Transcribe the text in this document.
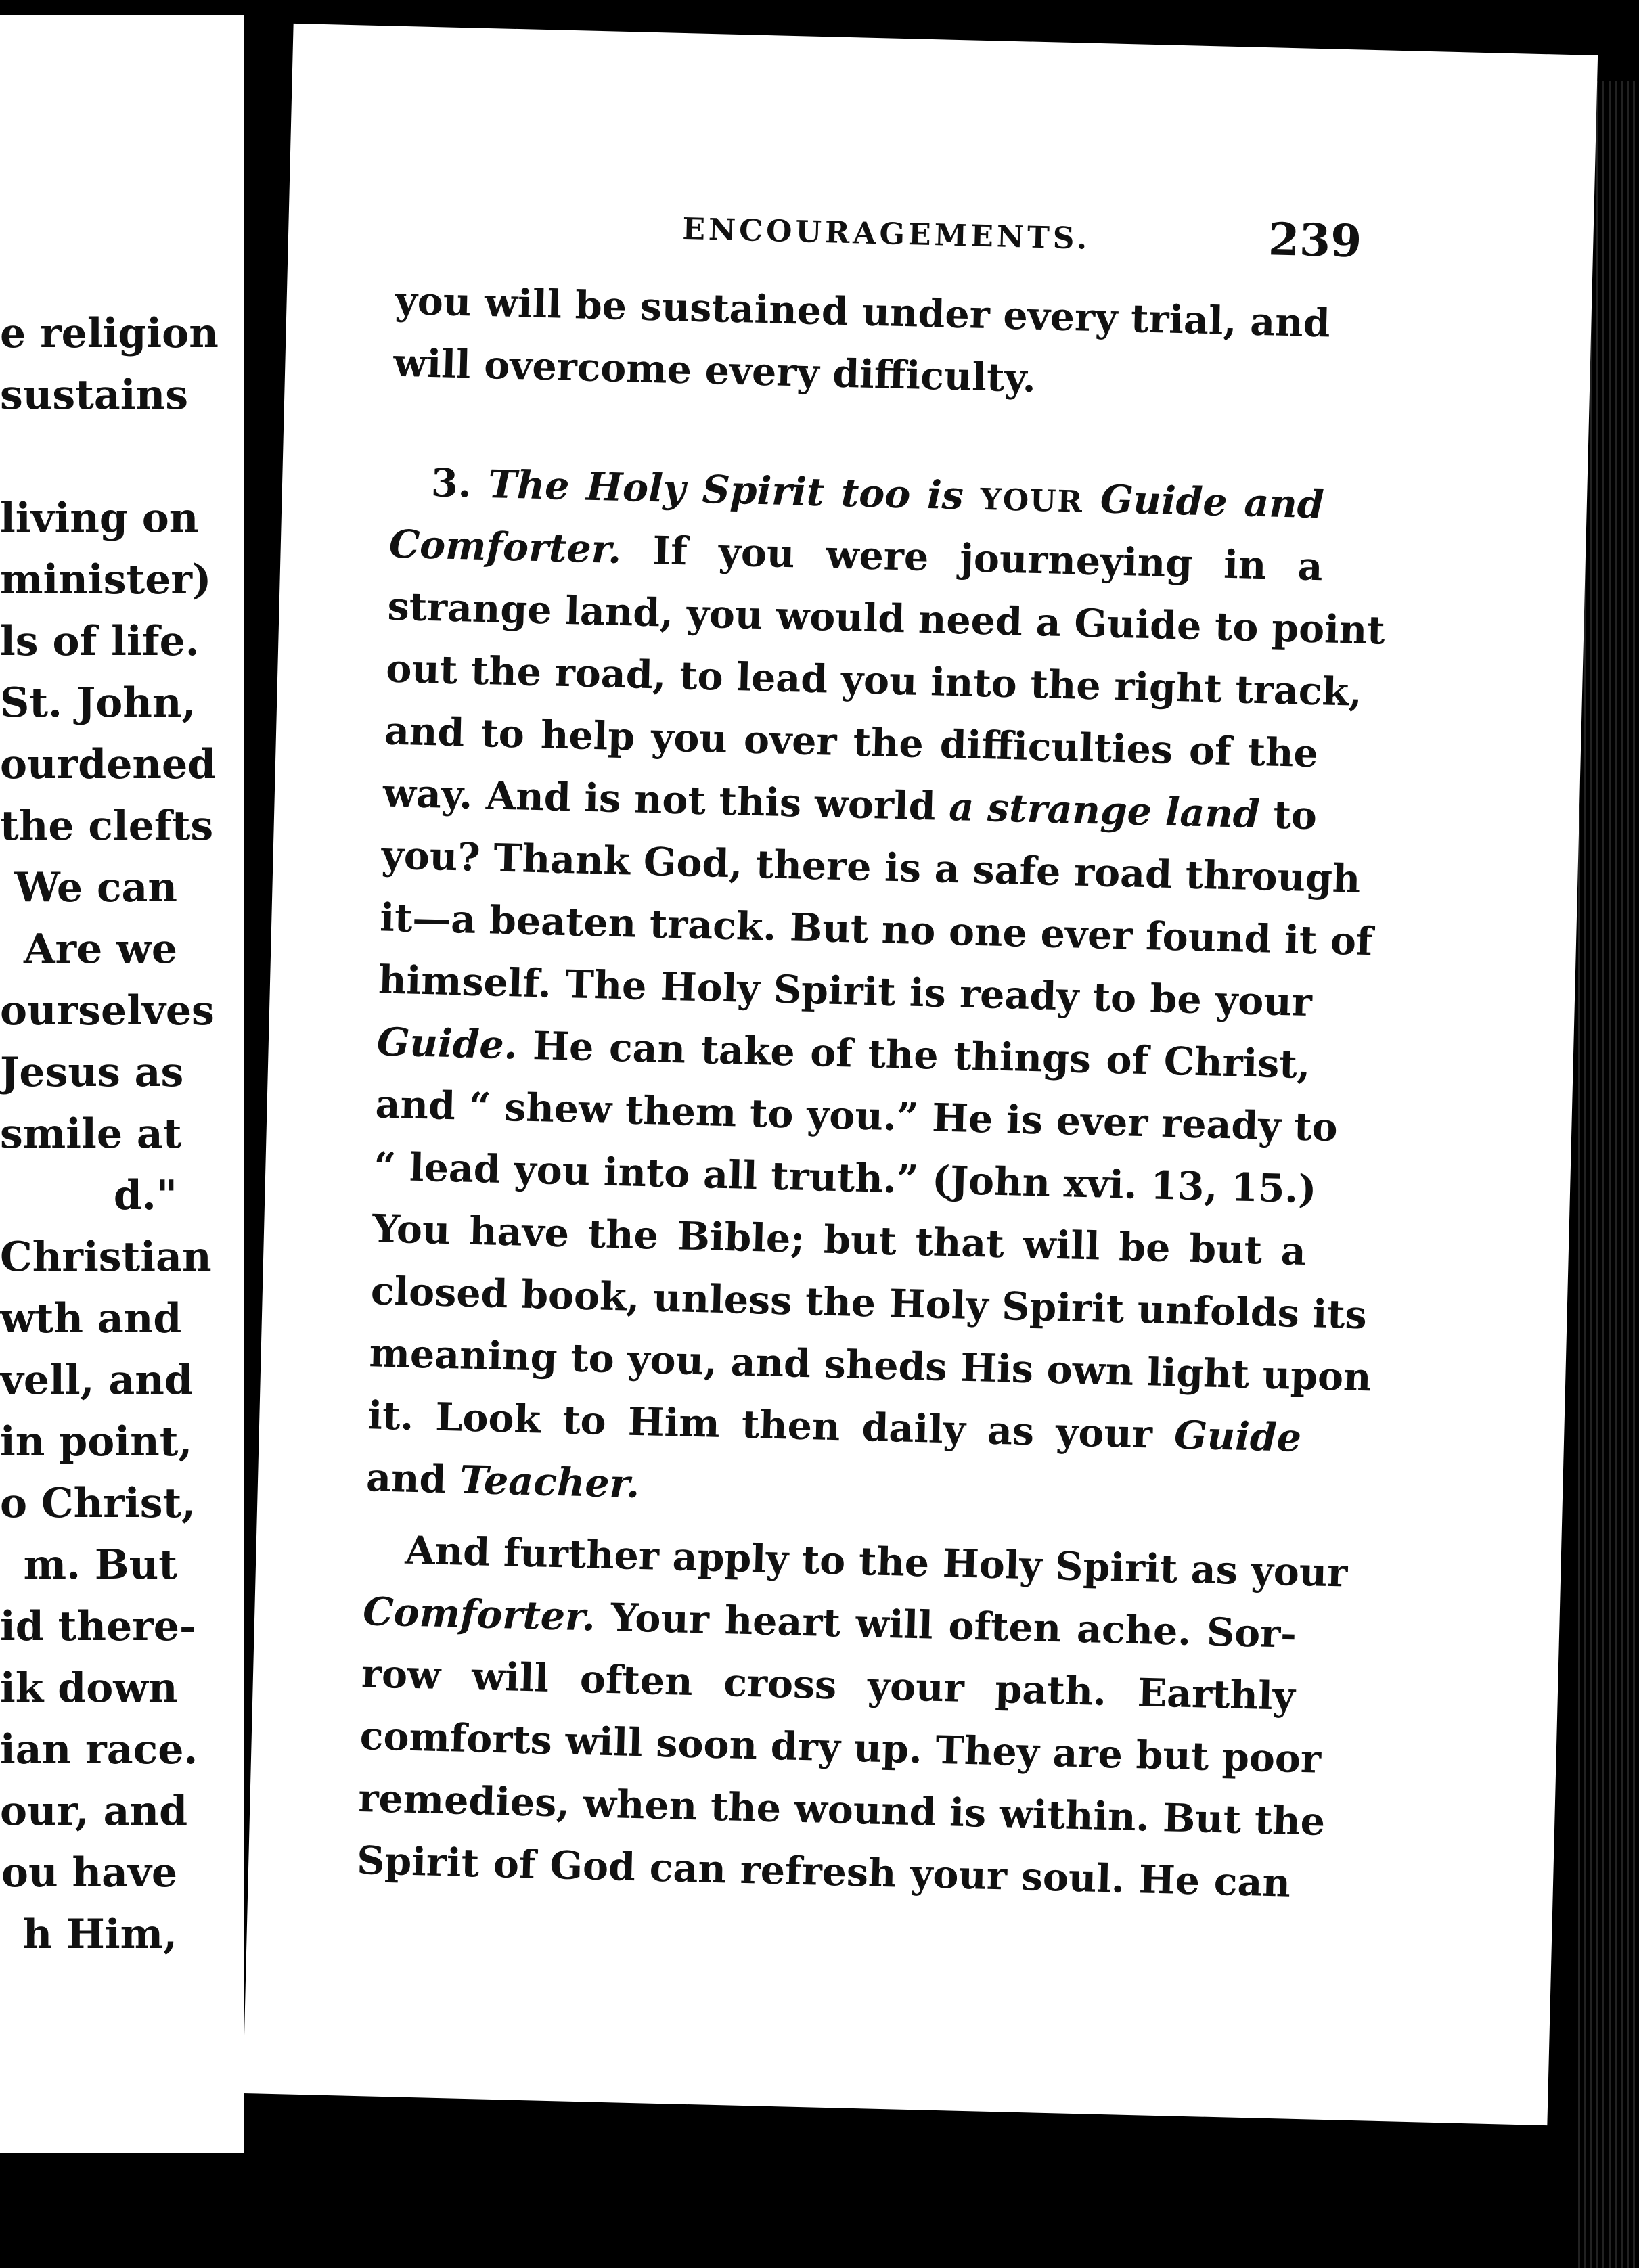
e religion
sustains
living on
minister)
ls of life.
St. John,
ourdened
the clefts
We can
Are we
ourselves
Jesus as
smile at
d."
Christian
wth and
vell, and
in point,
o Christ,
m. But
id there-
ik down
ian race.
our, and
ou have
h Him,
ENCOURAGEMENTS.	239
you will be sustained under every trial, and
will overcome every difficulty.
3. The Holy Spirit too is YOUR Guide and
Comforter. If you were journeying in a
strange land, you would need a Guide to point
out the road, to lead you into the right track,
and to help you over the difficulties of the
way. And is not this world a strange land to
you? Thank God, there is a safe road through
it—a beaten track. But no one ever found it of
himself. The Holy Spirit is ready to be your
Guide. He can take of the things of Christ,
and “ shew them to you.” He is ever ready to
“ lead you into all truth.” (John xvi. 13, 15.)
You have the Bible; but that will be but a
closed book, unless the Holy Spirit unfolds its
meaning to you, and sheds His own light upon
it. Look to Him then daily as your Guide
and Teacher.
And further apply to the Holy Spirit as your
Comforter. Your heart will often ache. Sor-
row will often cross your path. Earthly
comforts will soon dry up. They are but poor
remedies, when the wound is within. But the
Spirit of God can refresh your soul. He can
